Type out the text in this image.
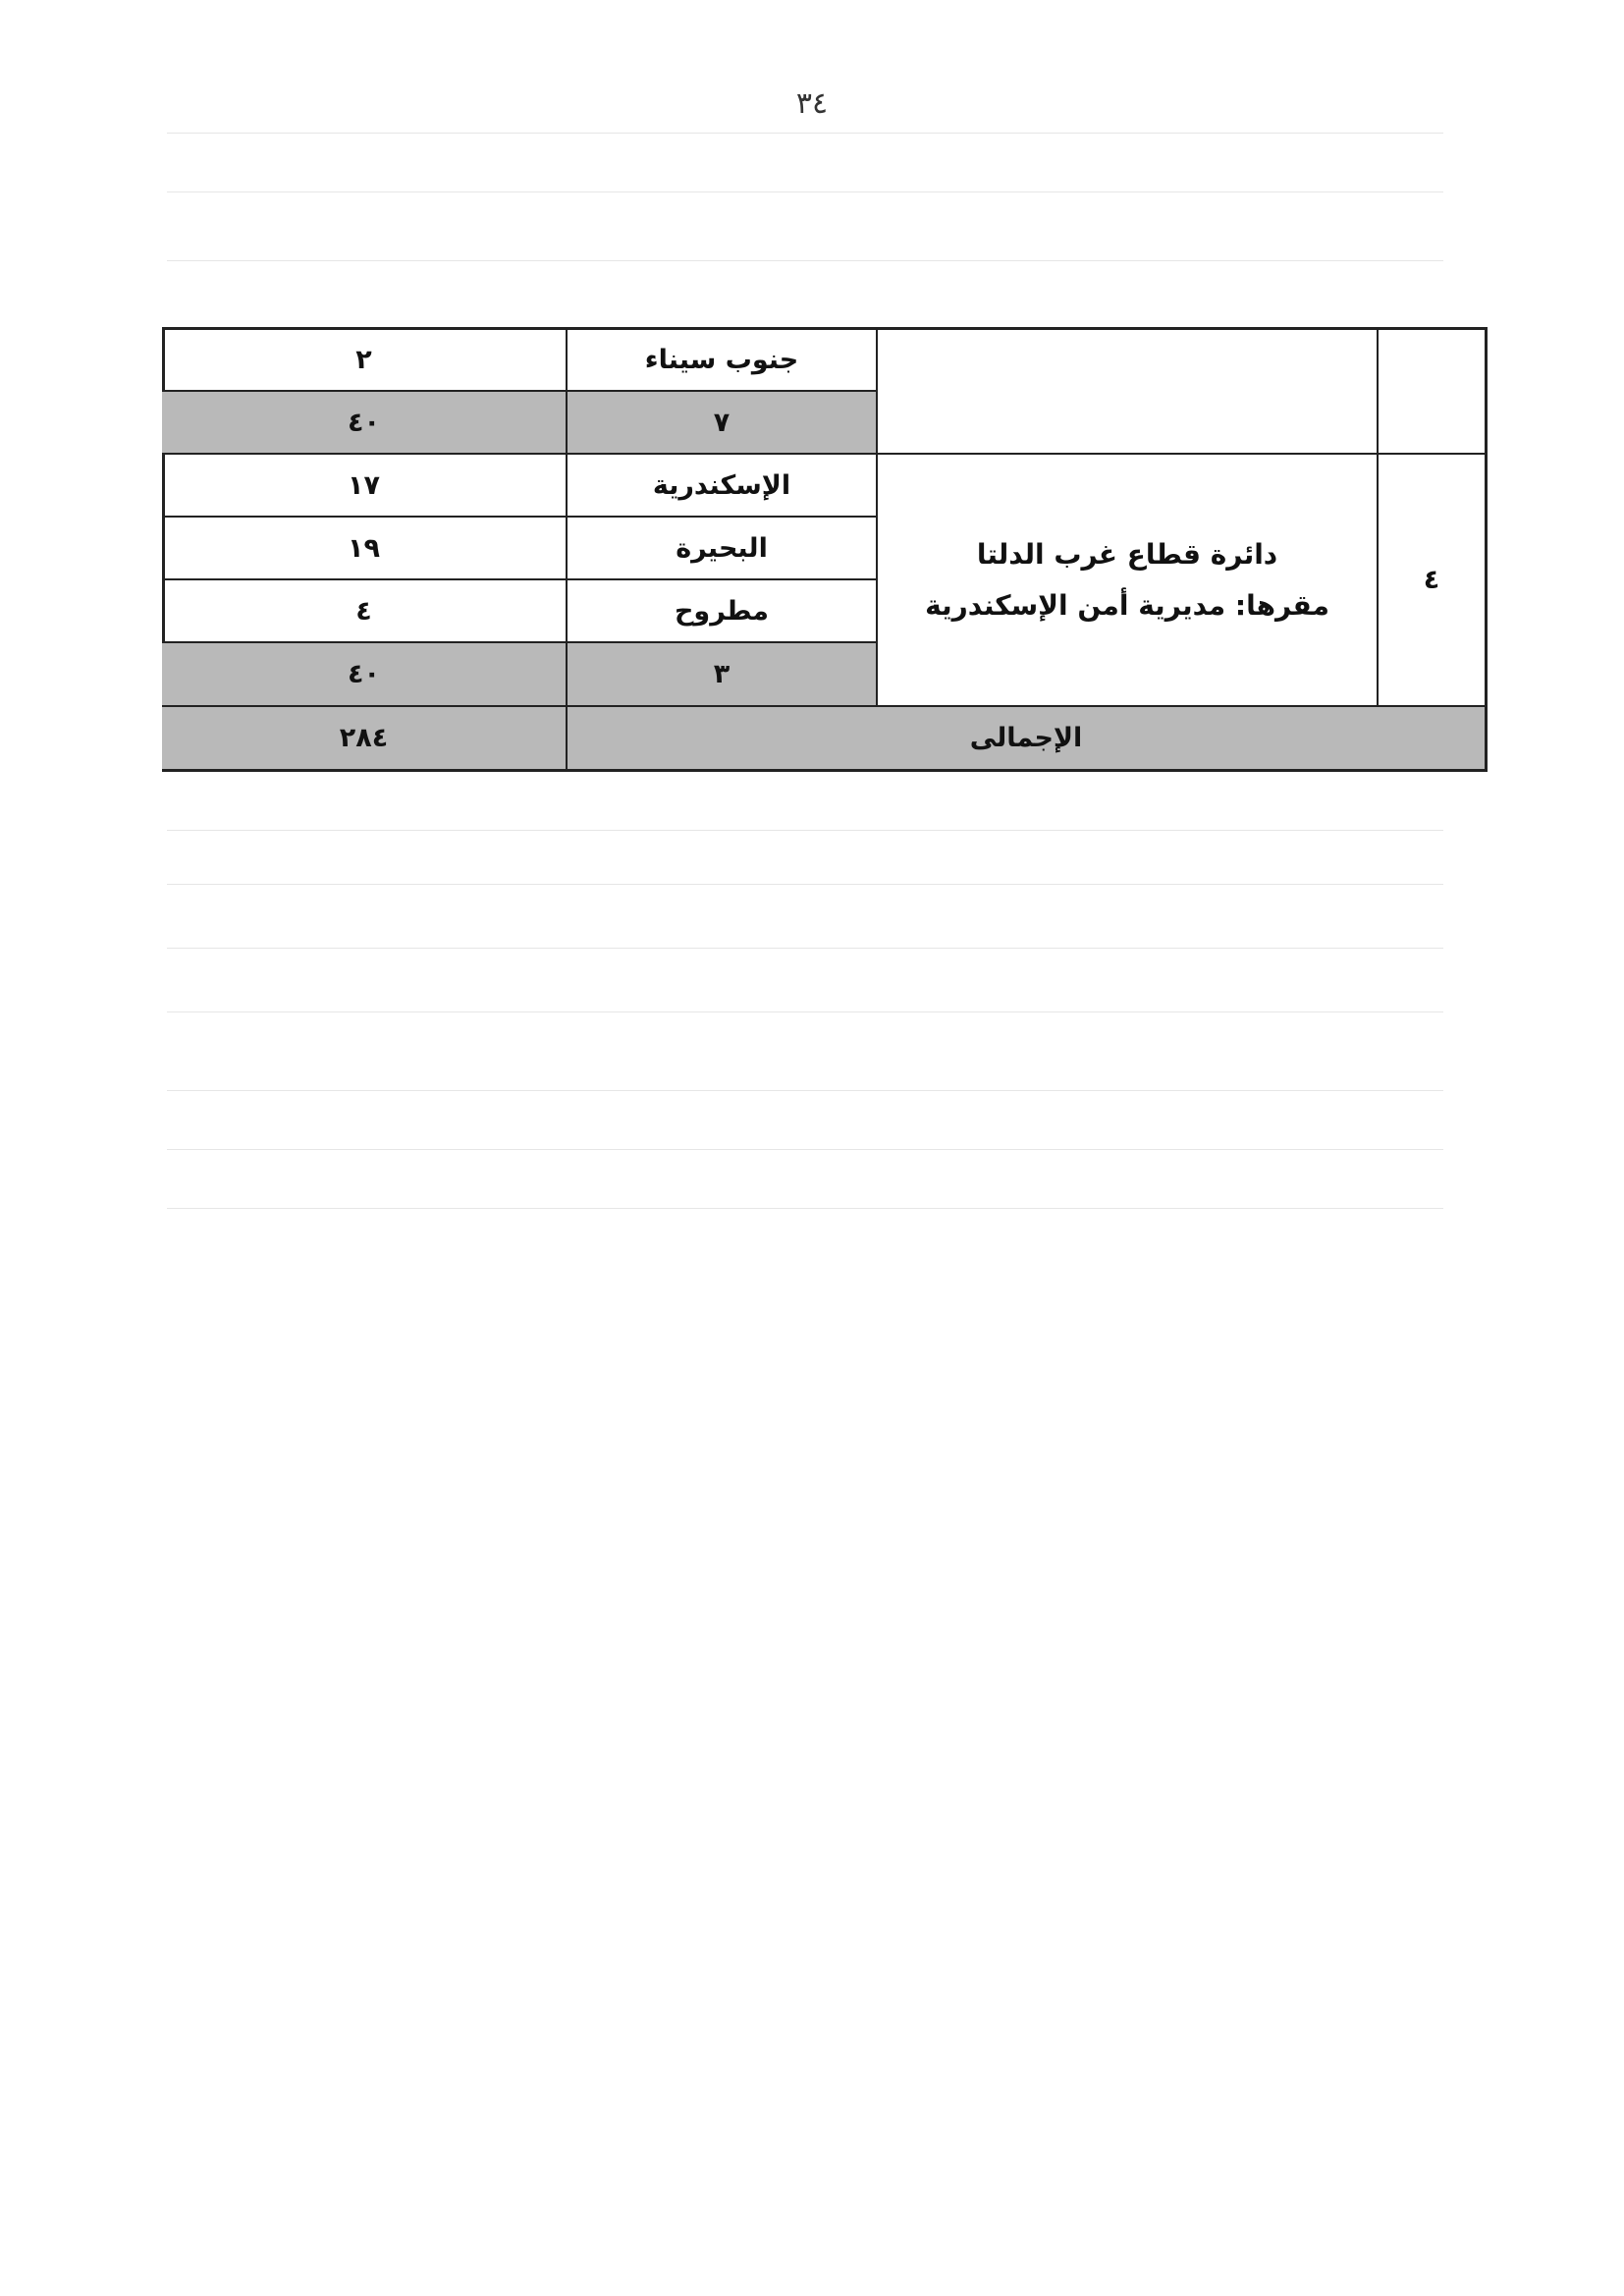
٣٤
جنوب سيناء
٢
٧
٤٠
٤
دائرة قطاع غرب الدلتا
مقرها: مديرية أمن الإسكندرية
الإسكندرية
١٧
البحيرة
١٩
مطروح
٤
٣
٤٠
الإجمالى
٢٨٤
